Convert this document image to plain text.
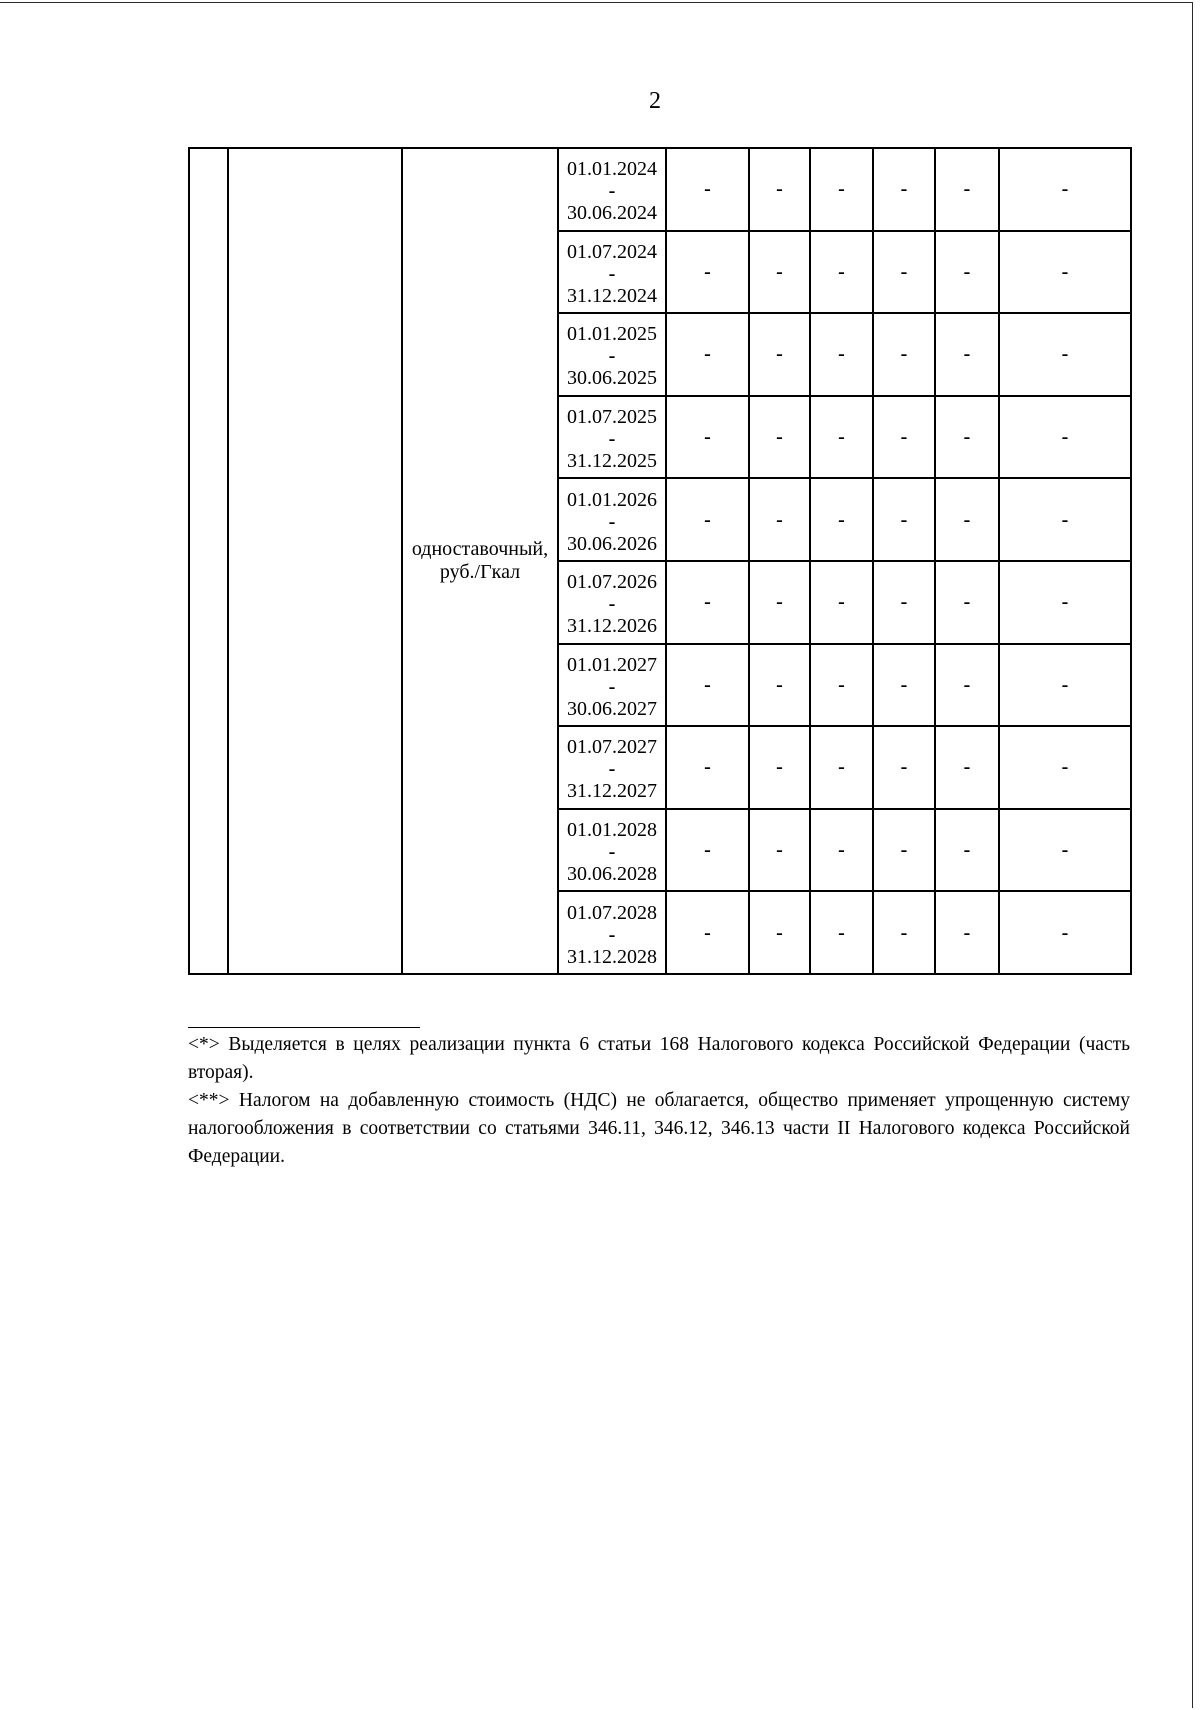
2
		одноставочный, руб./Гкал	01.01.2024
-
30.06.2024	-	-	-	-	-	-

			01.07.2024
-
31.12.2024	-	-	-	-	-	-

			01.01.2025
-
30.06.2025	-	-	-	-	-	-

			01.07.2025
-
31.12.2025	-	-	-	-	-	-

			01.01.2026
-
30.06.2026	-	-	-	-	-	-

			01.07.2026
-
31.12.2026	-	-	-	-	-	-

			01.01.2027
-
30.06.2027	-	-	-	-	-	-

			01.07.2027
-
31.12.2027	-	-	-	-	-	-

			01.01.2028
-
30.06.2028	-	-	-	-	-	-

			01.07.2028
-
31.12.2028	-	-	-	-	-	-
<*> Выделяется в целях реализации пункта 6 статьи 168 Налогового кодекса Российской Федерации (часть
вторая).
<**> Налогом на добавленную стоимость (НДС) не облагается, общество применяет упрощенную систему
налогообложения в соответствии со статьями 346.11, 346.12, 346.13 части II Налогового кодекса Российской
Федерации.
